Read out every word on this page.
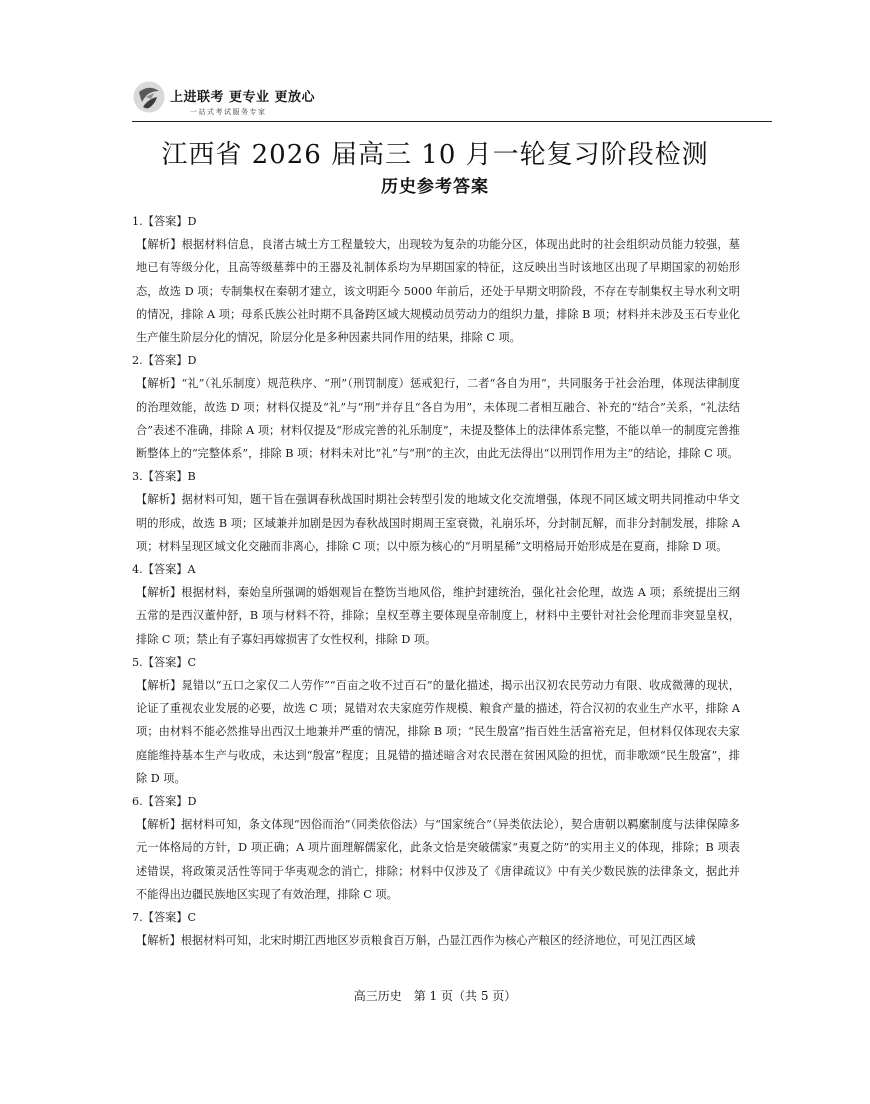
上进联考 更专业 更放心
一站式考试服务专家
江西省 2026 届高三 10 月一轮复习阶段检测
历史参考答案

1.【答案】D

【解析】根据材料信息，良渚古城土方工程量较大，出现较为复杂的功能分区，体现出此时的社会组织动员能力较强，墓地已有等级分化，且高等级墓葬中的王器及礼制体系均为早期国家的特征，这反映出当时该地区出现了早期国家的初始形态，故选 D 项；专制集权在秦朝才建立，该文明距今 5000 年前后，还处于早期文明阶段，不存在专制集权主导水利文明的情况，排除 A 项；母系氏族公社时期不具备跨区域大规模动员劳动力的组织力量，排除 B 项；材料并未涉及玉石专业化生产催生阶层分化的情况，阶层分化是多种因素共同作用的结果，排除 C 项。

2.【答案】D

【解析】“礼”（礼乐制度）规范秩序、“刑”（刑罚制度）惩戒犯行，二者“各自为用”，共同服务于社会治理，体现法律制度的治理效能，故选 D 项；材料仅提及“礼”与“刑”并存且“各自为用”，未体现二者相互融合、补充的“结合”关系，“礼法结合”表述不准确，排除 A 项；材料仅提及“形成完善的礼乐制度”，未提及整体上的法律体系完整，不能以单一的制度完善推断整体上的“完整体系”，排除 B 项；材料未对比“礼”与“刑”的主次，由此无法得出“以刑罚作用为主”的结论，排除 C 项。

3.【答案】B

【解析】据材料可知，题干旨在强调春秋战国时期社会转型引发的地域文化交流增强，体现不同区域文明共同推动中华文明的形成，故选 B 项；区域兼并加剧是因为春秋战国时期周王室衰微，礼崩乐坏，分封制瓦解，而非分封制发展，排除 A 项；材料呈现区域文化交融而非离心，排除 C 项；以中原为核心的“月明星稀”文明格局开始形成是在夏商，排除 D 项。

4.【答案】A

【解析】根据材料，秦始皇所强调的婚姻观旨在整饬当地风俗，维护封建统治，强化社会伦理，故选 A 项；系统提出三纲五常的是西汉董仲舒，B 项与材料不符，排除；皇权至尊主要体现皇帝制度上，材料中主要针对社会伦理而非突显皇权，排除 C 项；禁止有子寡妇再嫁损害了女性权利，排除 D 项。

5.【答案】C

【解析】晁错以“五口之家仅二人劳作”“百亩之收不过百石”的量化描述，揭示出汉初农民劳动力有限、收成微薄的现状，论证了重视农业发展的必要，故选 C 项；晁错对农夫家庭劳作规模、粮食产量的描述，符合汉初的农业生产水平，排除 A 项；由材料不能必然推导出西汉土地兼并严重的情况，排除 B 项；“民生殷富”指百姓生活富裕充足，但材料仅体现农夫家庭能维持基本生产与收成，未达到“殷富”程度；且晁错的描述暗含对农民潜在贫困风险的担忧，而非歌颂“民生殷富”，排除 D 项。

6.【答案】D

【解析】据材料可知，条文体现“因俗而治”（同类依俗法）与“国家统合”（异类依法论），契合唐朝以羁縻制度与法律保障多元一体格局的方针，D 项正确；A 项片面理解儒家化，此条文恰是突破儒家“夷夏之防”的实用主义的体现，排除；B 项表述错误，将政策灵活性等同于华夷观念的消亡，排除；材料中仅涉及了《唐律疏议》中有关少数民族的法律条文，据此并不能得出边疆民族地区实现了有效治理，排除 C 项。

7.【答案】C

【解析】根据材料可知，北宋时期江西地区岁贡粮食百万斛，凸显江西作为核心产粮区的经济地位，可见江西区域

高三历史　第 1 页（共 5 页）
